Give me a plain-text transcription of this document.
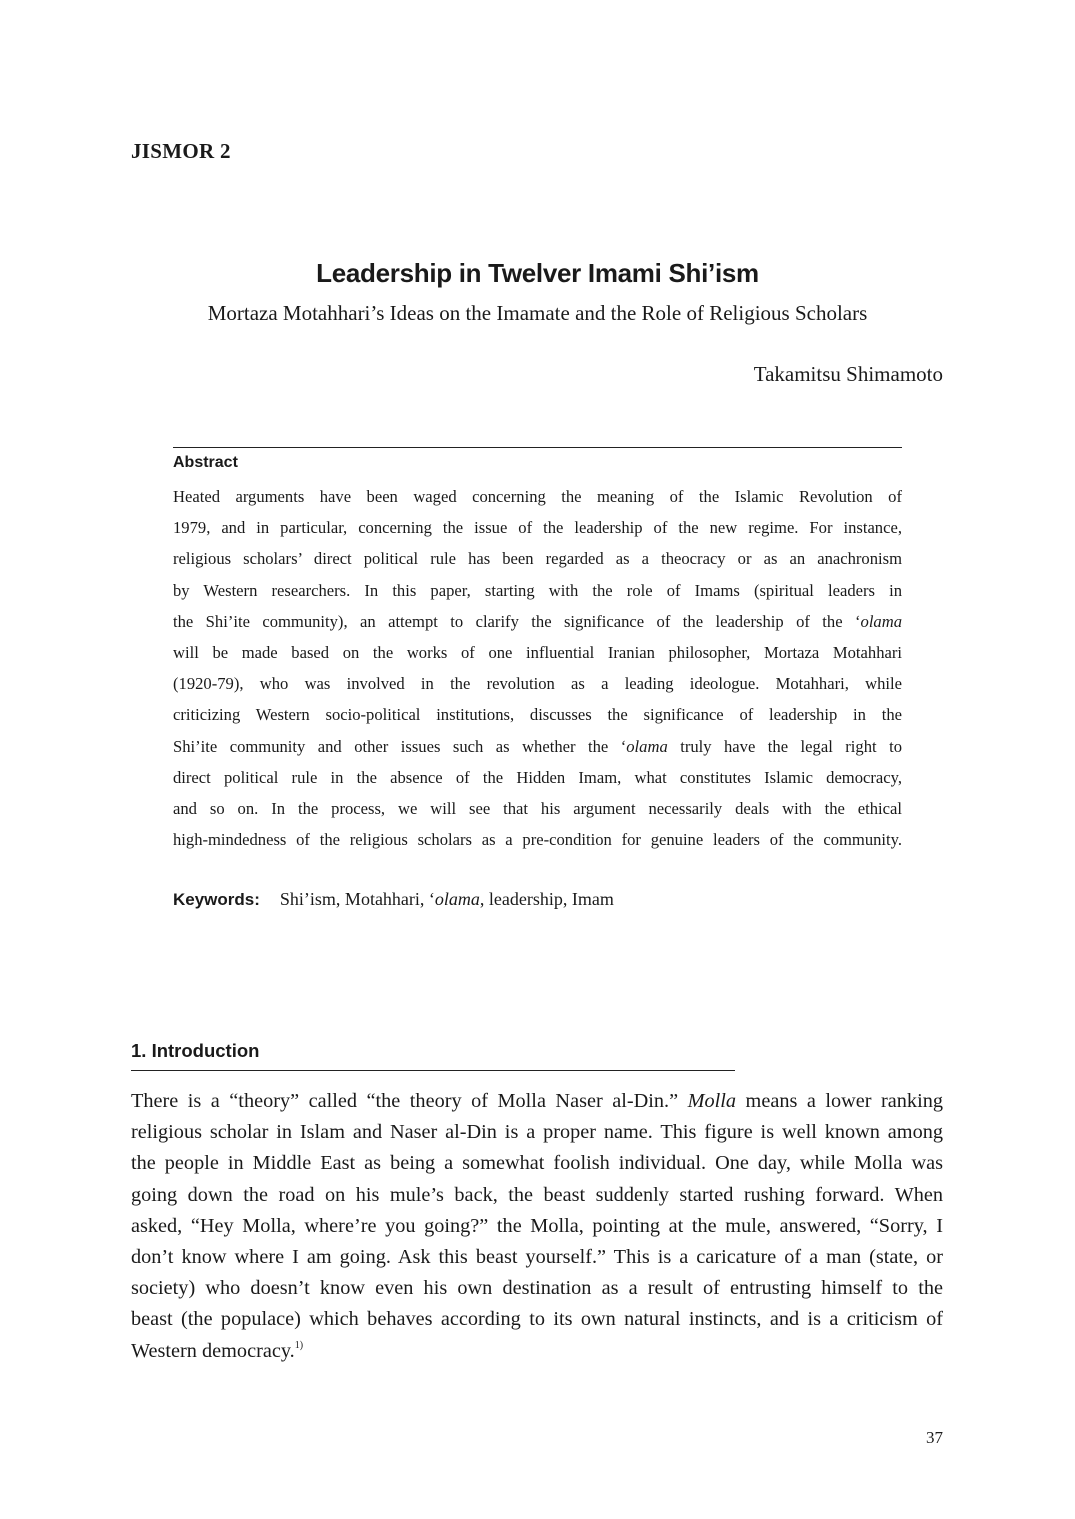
JISMOR 2
Leadership in Twelver Imami Shi’ism
Mortaza Motahhari’s Ideas on the Imamate and the Role of Religious Scholars
Takamitsu Shimamoto
Abstract
Heated arguments have been waged concerning the meaning of the Islamic Revolution of
1979, and in particular, concerning the issue of the leadership of the new regime. For instance,
religious scholars’ direct political rule has been regarded as a theocracy or as an anachronism
by Western researchers. In this paper, starting with the role of Imams (spiritual leaders in
the Shi’ite community), an attempt to clarify the significance of the leadership of the ‘olama
will be made based on the works of one influential Iranian philosopher, Mortaza Motahhari
(1920-79), who was involved in the revolution as a leading ideologue. Motahhari, while
criticizing Western socio-political institutions, discusses the significance of leadership in the
Shi’ite community and other issues such as whether the ‘olama truly have the legal right to
direct political rule in the absence of the Hidden Imam, what constitutes Islamic democracy,
and so on. In the process, we will see that his argument necessarily deals with the ethical
high-mindedness of the religious scholars as a pre-condition for genuine leaders of the community.
Keywords: Shi’ism, Motahhari, ‘olama, leadership, Imam
1. Introduction
There is a “theory” called “the theory of Molla Naser al-Din.” Molla means a lower ranking
religious scholar in Islam and Naser al-Din is a proper name. This figure is well known among
the people in Middle East as being a somewhat foolish individual. One day, while Molla was
going down the road on his mule’s back, the beast suddenly started rushing forward. When
asked, “Hey Molla, where’re you going?” the Molla, pointing at the mule, answered, “Sorry, I
don’t know where I am going. Ask this beast yourself.” This is a caricature of a man (state, or
society) who doesn’t know even his own destination as a result of entrusting himself to the
beast (the populace) which behaves according to its own natural instincts, and is a criticism of
Western democracy.$^{1)}$
37
